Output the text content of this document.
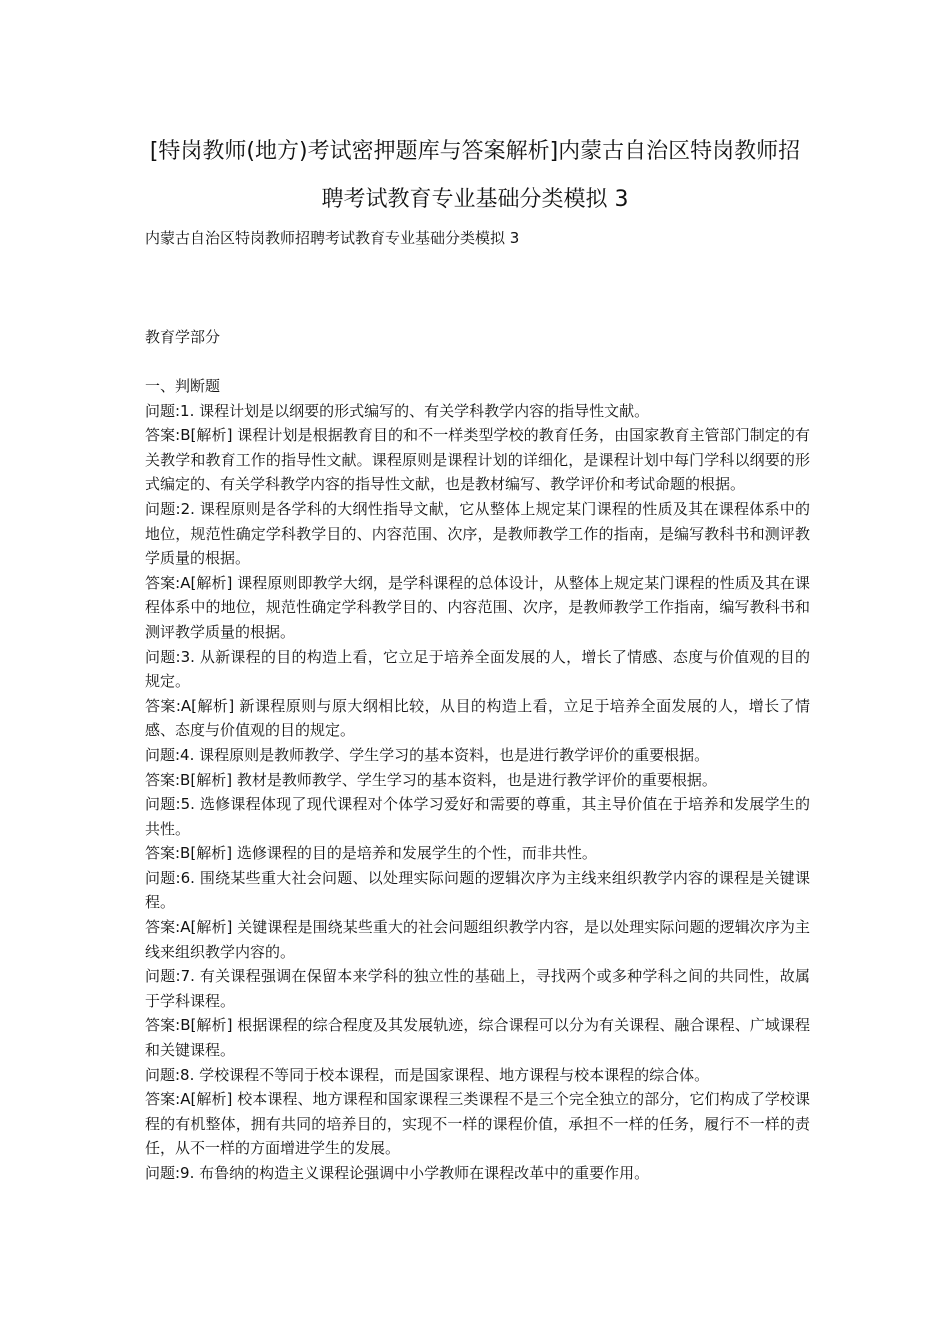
[特岗教师(地方)考试密押题库与答案解析]内蒙古自治区特岗教师招
聘考试教育专业基础分类模拟 3
内蒙古自治区特岗教师招聘考试教育专业基础分类模拟 3
教育学部分

一、判断题

问题:1. 课程计划是以纲要的形式编写的、有关学科教学内容的指导性文献。

答案:B[解析] 课程计划是根据教育目的和不一样类型学校的教育任务，由国家教育主管部门制定的有关教学和教育工作的指导性文献。课程原则是课程计划的详细化，是课程计划中每门学科以纲要的形式编定的、有关学科教学内容的指导性文献，也是教材编写、教学评价和考试命题的根据。

问题:2. 课程原则是各学科的大纲性指导文献，它从整体上规定某门课程的性质及其在课程体系中的地位，规范性确定学科教学目的、内容范围、次序，是教师教学工作的指南，是编写教科书和测评教学质量的根据。

答案:A[解析] 课程原则即教学大纲，是学科课程的总体设计，从整体上规定某门课程的性质及其在课程体系中的地位，规范性确定学科教学目的、内容范围、次序，是教师教学工作指南，编写教科书和测评教学质量的根据。

问题:3. 从新课程的目的构造上看，它立足于培养全面发展的人，增长了情感、态度与价值观的目的规定。

答案:A[解析] 新课程原则与原大纲相比较，从目的构造上看，立足于培养全面发展的人，增长了情感、态度与价值观的目的规定。

问题:4. 课程原则是教师教学、学生学习的基本资料，也是进行教学评价的重要根据。

答案:B[解析] 教材是教师教学、学生学习的基本资料，也是进行教学评价的重要根据。

问题:5. 选修课程体现了现代课程对个体学习爱好和需要的尊重，其主导价值在于培养和发展学生的共性。

答案:B[解析] 选修课程的目的是培养和发展学生的个性，而非共性。

问题:6. 围绕某些重大社会问题、以处理实际问题的逻辑次序为主线来组织教学内容的课程是关键课程。

答案:A[解析] 关键课程是围绕某些重大的社会问题组织教学内容，是以处理实际问题的逻辑次序为主线来组织教学内容的。

问题:7. 有关课程强调在保留本来学科的独立性的基础上，寻找两个或多种学科之间的共同性，故属于学科课程。

答案:B[解析] 根据课程的综合程度及其发展轨迹，综合课程可以分为有关课程、融合课程、广域课程和关键课程。

问题:8. 学校课程不等同于校本课程，而是国家课程、地方课程与校本课程的综合体。

答案:A[解析] 校本课程、地方课程和国家课程三类课程不是三个完全独立的部分，它们构成了学校课程的有机整体，拥有共同的培养目的，实现不一样的课程价值，承担不一样的任务，履行不一样的责任，从不一样的方面增进学生的发展。

问题:9. 布鲁纳的构造主义课程论强调中小学教师在课程改革中的重要作用。
